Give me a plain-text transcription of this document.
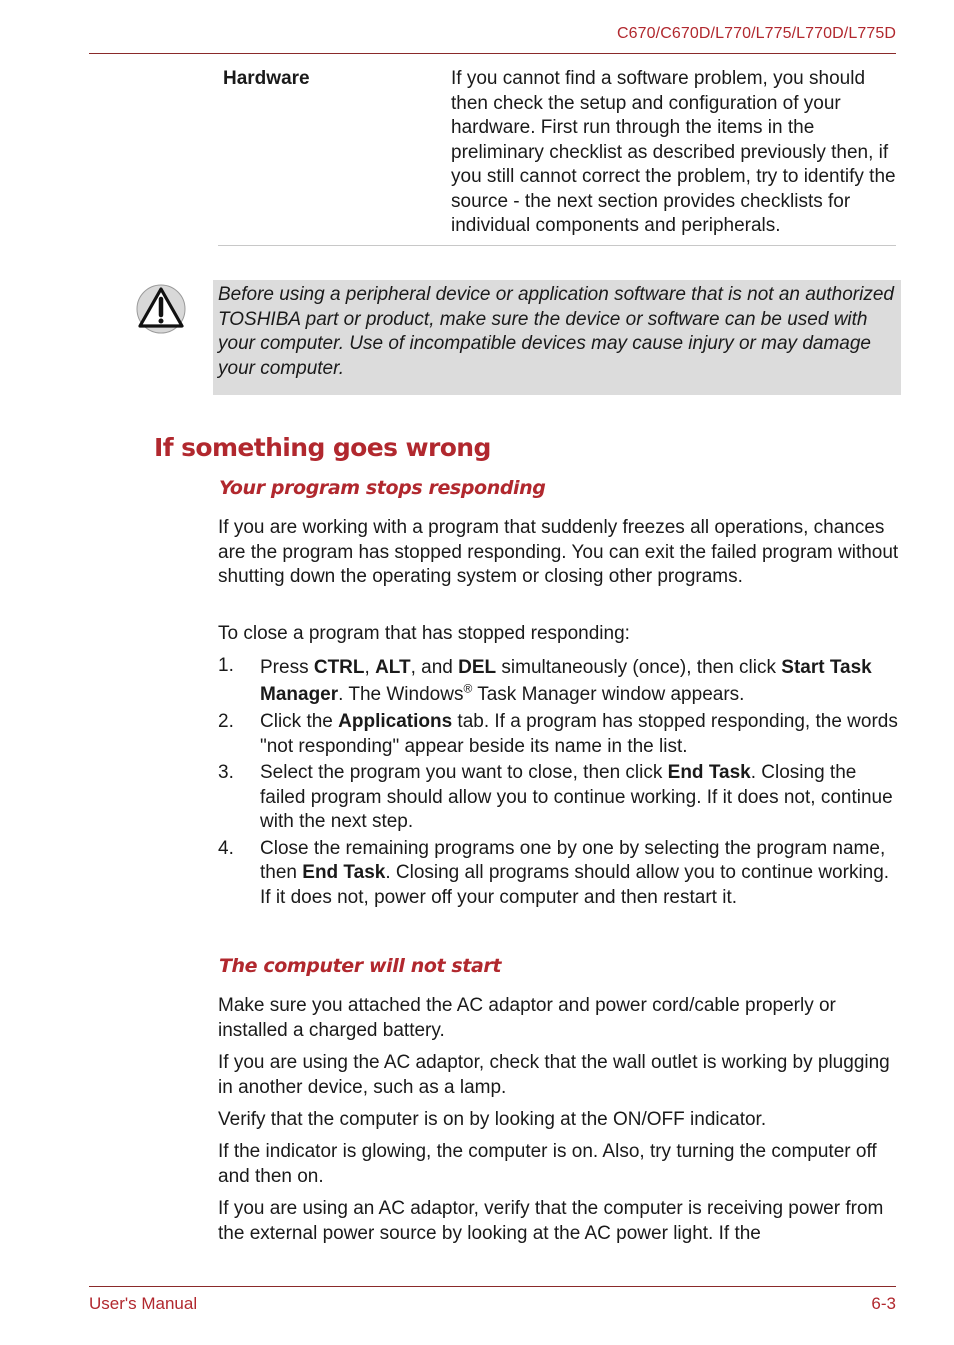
C670/C670D/L770/L775/L770D/L775D
Hardware	If you cannot find a software problem, you should then check the setup and configuration of your hardware. First run through the items in the preliminary checklist as described previously then, if you still cannot correct the problem, try to identify the source - the next section provides checklists for individual components and peripherals.
Before using a peripheral device or application software that is not an authorized TOSHIBA part or product, make sure the device or software can be used with your computer. Use of incompatible devices may cause injury or may damage your computer.
If something goes wrong
Your program stops responding

If you are working with a program that suddenly freezes all operations, chances are the program has stopped responding. You can exit the failed program without shutting down the operating system or closing other programs.

To close a program that has stopped responding:

1.	Press CTRL, ALT, and DEL simultaneously (once), then click Start Task Manager. The Windows® Task Manager window appears.
2.	Click the Applications tab. If a program has stopped responding, the words "not responding" appear beside its name in the list.
3.	Select the program you want to close, then click End Task. Closing the failed program should allow you to continue working. If it does not, continue with the next step.
4.	Close the remaining programs one by one by selecting the program name, then End Task. Closing all programs should allow you to continue working. If it does not, power off your computer and then restart it.
The computer will not start

Make sure you attached the AC adaptor and power cord/cable properly or installed a charged battery.

If you are using the AC adaptor, check that the wall outlet is working by plugging in another device, such as a lamp.

Verify that the computer is on by looking at the ON/OFF indicator.

If the indicator is glowing, the computer is on. Also, try turning the computer off and then on.

If you are using an AC adaptor, verify that the computer is receiving power from the external power source by looking at the AC power light. If the

User's Manual	6-3
